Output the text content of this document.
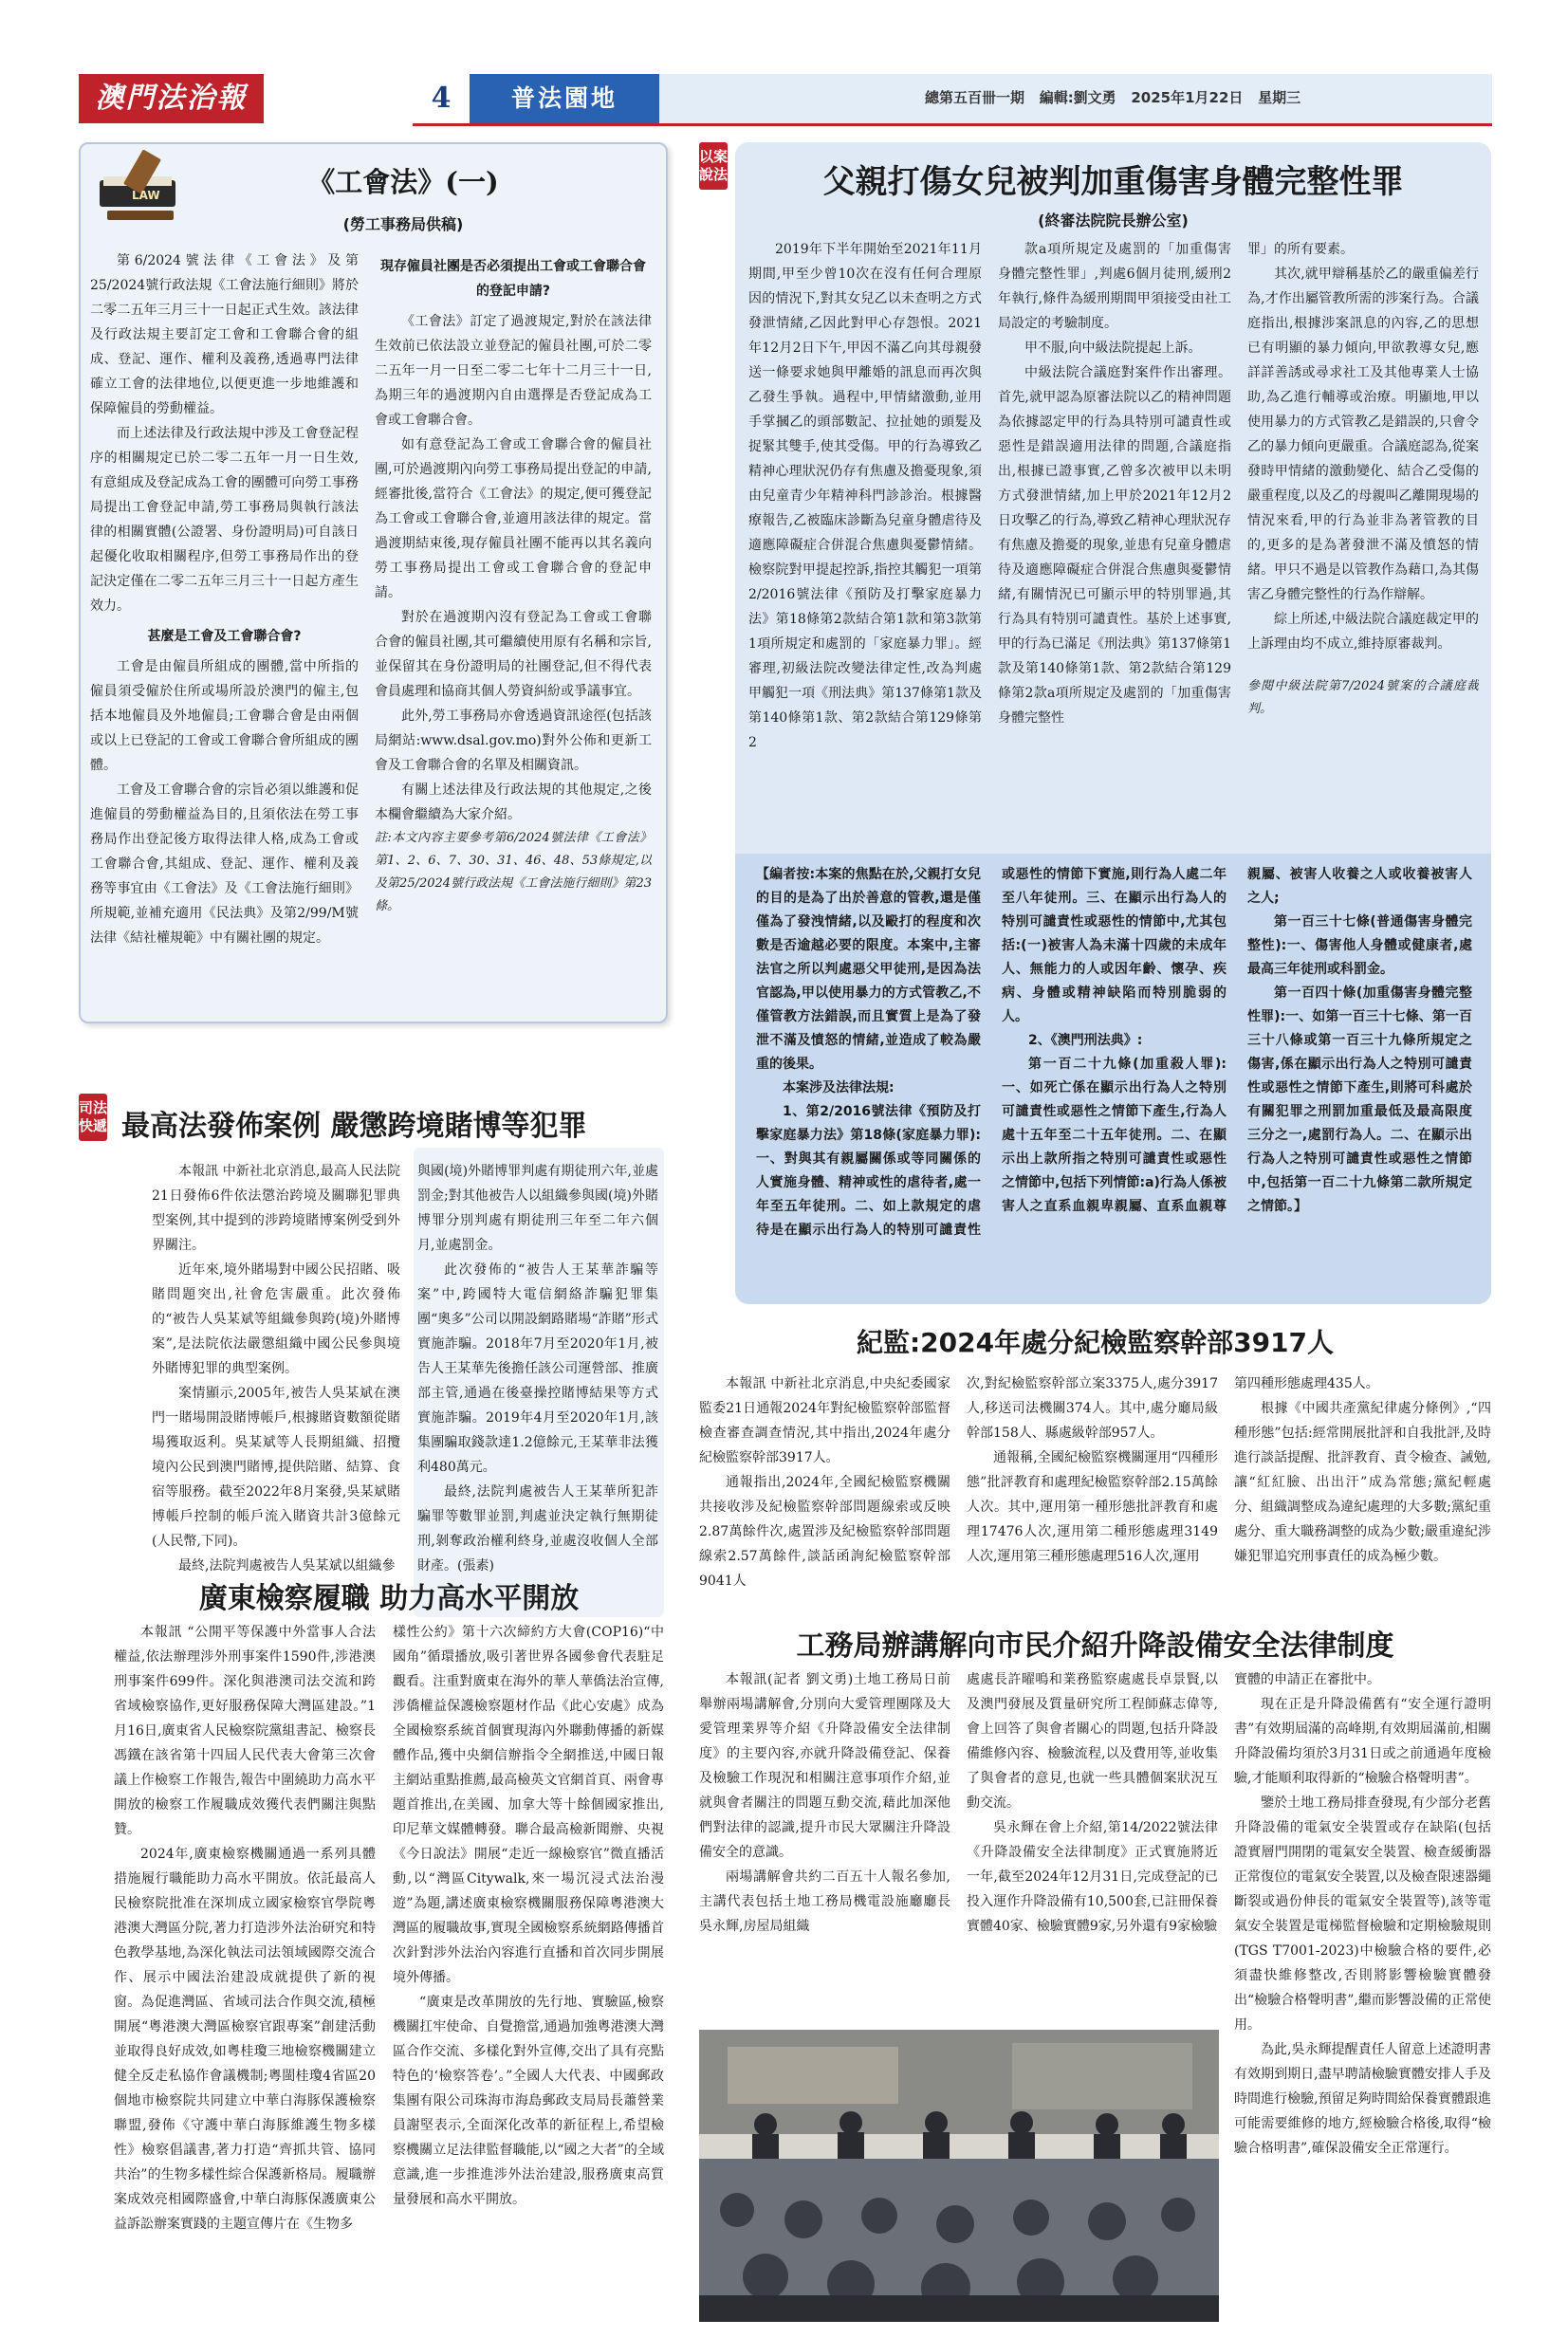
澳門法治報	4	普法園地	總第五百卌一期 編輯:劉文勇 2025年1月22日 星期三
LAW	《工會法》(一)
(勞工事務局供稿)

第6/2024號法律《工會法》及第25/2024號行政法規《工會法施行細則》將於二零二五年三月三十一日起正式生效。該法律及行政法規主要訂定工會和工會聯合會的組成、登記、運作、權利及義務,透過專門法律確立工會的法律地位,以便更進一步地維護和保障僱員的勞動權益。

而上述法律及行政法規中涉及工會登記程序的相關規定已於二零二五年一月一日生效,有意組成及登記成為工會的團體可向勞工事務局提出工會登記申請,勞工事務局與執行該法律的相關實體(公證署、身份證明局)可自該日起優化收取相關程序,但勞工事務局作出的登記決定僅在二零二五年三月三十一日起方產生效力。

甚麼是工會及工會聯合會?

工會是由僱員所組成的團體,當中所指的僱員須受僱於住所或場所設於澳門的僱主,包括本地僱員及外地僱員;工會聯合會是由兩個或以上已登記的工會或工會聯合會所組成的團體。

工會及工會聯合會的宗旨必須以維護和促進僱員的勞動權益為目的,且須依法在勞工事務局作出登記後方取得法律人格,成為工會或工會聯合會,其組成、登記、運作、權利及義務等事宜由《工會法》及《工會法施行細則》所規範,並補充適用《民法典》及第2/99/M號法律《結社權規範》中有關社團的規定。

現存僱員社團是否必須提出工會或工會聯合會的登記申請?

《工會法》訂定了過渡規定,對於在該法律生效前已依法設立並登記的僱員社團,可於二零二五年一月一日至二零二七年十二月三十一日,為期三年的過渡期內自由選擇是否登記成為工會或工會聯合會。

如有意登記為工會或工會聯合會的僱員社團,可於過渡期內向勞工事務局提出登記的申請,經審批後,當符合《工會法》的規定,便可獲登記為工會或工會聯合會,並適用該法律的規定。當過渡期結束後,現存僱員社團不能再以其名義向勞工事務局提出工會或工會聯合會的登記申請。

對於在過渡期內沒有登記為工會或工會聯合會的僱員社團,其可繼續使用原有名稱和宗旨,並保留其在身份證明局的社團登記,但不得代表會員處理和協商其個人勞資糾紛或爭議事宜。

此外,勞工事務局亦會透過資訊途徑(包括該局網站:www.dsal.gov.mo)對外公佈和更新工會及工會聯合會的名單及相關資訊。

有關上述法律及行政法規的其他規定,之後本欄會繼續為大家介紹。

註:本文內容主要參考第6/2024號法律《工會法》第1、2、6、7、30、31、46、48、53條規定,以及第25/2024號行政法規《工會法施行細則》第23條。

以案說法	父親打傷女兒被判加重傷害身體完整性罪
(終審法院院長辦公室)

2019年下半年開始至2021年11月期間,甲至少曾10次在沒有任何合理原因的情況下,對其女兒乙以未查明之方式發泄情緒,乙因此對甲心存怨恨。2021年12月2日下午,甲因不滿乙向其母親發送一條要求她與甲離婚的訊息而再次與乙發生爭執。過程中,甲情緒激動,並用手掌摑乙的頭部數記、拉扯她的頭髮及捉緊其雙手,使其受傷。甲的行為導致乙精神心理狀況仍存有焦慮及擔憂現象,須由兒童青少年精神科門診診治。根據醫療報告,乙被臨床診斷為兒童身體虐待及適應障礙症合併混合焦慮與憂鬱情緒。檢察院對甲提起控訴,指控其觸犯一項第2/2016號法律《預防及打擊家庭暴力法》第18條第2款結合第1款和第3款第1項所規定和處罰的「家庭暴力罪」。經審理,初級法院改變法律定性,改為判處甲觸犯一項《刑法典》第137條第1款及第140條第1款、第2款結合第129條第2

款a項所規定及處罰的「加重傷害身體完整性罪」,判處6個月徒刑,緩刑2年執行,條件為緩刑期間甲須接受由社工局設定的考驗制度。

甲不服,向中級法院提起上訴。

中級法院合議庭對案件作出審理。首先,就甲認為原審法院以乙的精神問題為依據認定甲的行為具特別可譴責性或惡性是錯誤適用法律的問題,合議庭指出,根據已證事實,乙曾多次被甲以未明方式發泄情緒,加上甲於2021年12月2日攻擊乙的行為,導致乙精神心理狀況存有焦慮及擔憂的現象,並患有兒童身體虐待及適應障礙症合併混合焦慮與憂鬱情緒,有關情況已可顯示甲的特別罪過,其行為具有特別可譴責性。基於上述事實,甲的行為已滿足《刑法典》第137條第1款及第140條第1款、第2款結合第129條第2款a項所規定及處罰的「加重傷害身體完整性

罪」的所有要素。

其次,就甲辯稱基於乙的嚴重偏差行為,才作出屬管教所需的涉案行為。合議庭指出,根據涉案訊息的內容,乙的思想已有明顯的暴力傾向,甲欲教導女兒,應詳詳善誘或尋求社工及其他專業人士協助,為乙進行輔導或治療。明顯地,甲以使用暴力的方式管教乙是錯誤的,只會令乙的暴力傾向更嚴重。合議庭認為,從案發時甲情緒的激動變化、結合乙受傷的嚴重程度,以及乙的母親叫乙離開現場的情況來看,甲的行為並非為著管教的目的,更多的是為著發泄不滿及憤怒的情緒。甲只不過是以管教作為藉口,為其傷害乙身體完整性的行為作辯解。

綜上所述,中級法院合議庭裁定甲的上訴理由均不成立,維持原審裁判。

參閱中級法院第7/2024號案的合議庭裁判。

【編者按:本案的焦點在於,父親打女兒的目的是為了出於善意的管教,還是僅僅為了發洩情緒,以及毆打的程度和次數是否逾越必要的限度。本案中,主審法官之所以判處惡父甲徒刑,是因為法官認為,甲以使用暴力的方式管教乙,不僅管教方法錯誤,而且實質上是為了發泄不滿及憤怒的情緒,並造成了較為嚴重的後果。

本案涉及法律法規:

1、第2/2016號法律《預防及打擊家庭暴力法》第18條(家庭暴力罪):一、對與其有親屬關係或等同關係的人實施身體、精神或性的虐待者,處一年至五年徒刑。二、如上款規定的虐待是在顯示出行為人的特別可譴責性或惡性的情節下實施,則行為人處二年至八年徒刑。三、在顯示出行為人的特別可譴責性或惡性的情節中,尤其包括:(一)被害人為未滿十四歲的未成年人、無能力的人或因年齡、懷孕、疾病、身體或精神缺陷而特別脆弱的人。

2、《澳門刑法典》:

第一百二十九條(加重殺人罪):一、如死亡係在顯示出行為人之特別可譴責性或惡性之情節下產生,行為人處十五年至二十五年徒刑。二、在顯示出上款所指之特別可譴責性或惡性之情節中,包括下列情節:a)行為人係被害人之直系血親卑親屬、直系血親尊親屬、被害人收養之人或收養被害人之人;

第一百三十七條(普通傷害身體完整性):一、傷害他人身體或健康者,處最高三年徒刑或科罰金。

第一百四十條(加重傷害身體完整性罪):一、如第一百三十七條、第一百三十八條或第一百三十九條所規定之傷害,係在顯示出行為人之特別可譴責性或惡性之情節下產生,則將可科處於有關犯罪之刑罰加重最低及最高限度三分之一,處罰行為人。二、在顯示出行為人之特別可譴責性或惡性之情節中,包括第一百二十九條第二款所規定之情節。】

司法快遞 最高法發佈案例 嚴懲跨境賭博等犯罪

本報訊 中新社北京消息,最高人民法院21日發佈6件依法懲治跨境及關聯犯罪典型案例,其中提到的涉跨境賭博案例受到外界關注。

近年來,境外賭場對中國公民招賭、吸賭問題突出,社會危害嚴重。此次發佈的“被告人吳某斌等組織參與跨(境)外賭博案”,是法院依法嚴懲組織中國公民參與境外賭博犯罪的典型案例。

案情顯示,2005年,被告人吳某斌在澳門一賭場開設賭博帳戶,根據賭資數額從賭場獲取返利。吳某斌等人長期組織、招攬境內公民到澳門賭博,提供陪賭、結算、食宿等服務。截至2022年8月案發,吳某斌賭博帳戶控制的帳戶流入賭資共計3億餘元(人民幣,下同)。

最終,法院判處被告人吳某斌以組織參

與國(境)外賭博罪判處有期徒刑六年,並處罰金;對其他被告人以組織參與國(境)外賭博罪分別判處有期徒刑三年至二年六個月,並處罰金。

此次發佈的“被告人王某華詐騙等案”中,跨國特大電信網絡詐騙犯罪集團“奧多”公司以開設網路賭場“詐賭”形式實施詐騙。2018年7月至2020年1月,被告人王某華先後擔任該公司運營部、推廣部主管,通過在後臺操控賭博結果等方式實施詐騙。2019年4月至2020年1月,該集團騙取錢款達1.2億餘元,王某華非法獲利480萬元。

最終,法院判處被告人王某華所犯詐騙罪等數罪並罰,判處並決定執行無期徒刑,剝奪政治權利終身,並處沒收個人全部財產。(張素)

紀監:2024年處分紀檢監察幹部3917人

本報訊 中新社北京消息,中央紀委國家監委21日通報2024年對紀檢監察幹部監督檢查審查調查情況,其中指出,2024年處分紀檢監察幹部3917人。

通報指出,2024年,全國紀檢監察機關共接收涉及紀檢監察幹部問題線索或反映2.87萬餘件次,處置涉及紀檢監察幹部問題線索2.57萬餘件,談話函詢紀檢監察幹部9041人

次,對紀檢監察幹部立案3375人,處分3917人,移送司法機關374人。其中,處分廳局級幹部158人、縣處級幹部957人。

通報稱,全國紀檢監察機關運用“四種形態”批評教育和處理紀檢監察幹部2.15萬餘人次。其中,運用第一種形態批評教育和處理17476人次,運用第二種形態處理3149人次,運用第三種形態處理516人次,運用

第四種形態處理435人。

根據《中國共產黨紀律處分條例》,“四種形態”包括:經常開展批評和自我批評,及時進行談話提醒、批評教育、責令檢查、誡勉,讓“紅紅臉、出出汗”成為常態;黨紀輕處分、組織調整成為違紀處理的大多數;黨紀重處分、重大職務調整的成為少數;嚴重違紀涉嫌犯罪追究刑事責任的成為極少數。

廣東檢察履職 助力高水平開放

本報訊 “公開平等保護中外當事人合法權益,依法辦理涉外刑事案件1590件,涉港澳刑事案件699件。深化與港澳司法交流和跨省域檢察協作,更好服務保障大灣區建設。”1月16日,廣東省人民檢察院黨組書記、檢察長馮鐵在該省第十四屆人民代表大會第三次會議上作檢察工作報告,報告中圍繞助力高水平開放的檢察工作履職成效獲代表們關注與點贊。

2024年,廣東檢察機關通過一系列具體措施履行職能助力高水平開放。依託最高人民檢察院批准在深圳成立國家檢察官學院粵港澳大灣區分院,著力打造涉外法治研究和特色教學基地,為深化執法司法領域國際交流合作、展示中國法治建設成就提供了新的視窗。為促進灣區、省域司法合作與交流,積極開展“粵港澳大灣區檢察官跟專案”創建活動並取得良好成效,如粵桂瓊三地檢察機關建立健全反走私協作會議機制;粵閩桂瓊4省區20個地市檢察院共同建立中華白海豚保護檢察聯盟,發佈《守護中華白海豚維護生物多樣性》檢察倡議書,著力打造“齊抓共管、協同共治”的生物多樣性綜合保護新格局。履職辦案成效亮相國際盛會,中華白海豚保護廣東公益訴訟辦案實踐的主題宣傳片在《生物多

樣性公約》第十六次締約方大會(COP16)“中國角”循環播放,吸引著世界各國參會代表駐足觀看。注重對廣東在海外的華人華僑法治宣傳,涉僑權益保護檢察題材作品《此心安處》成為全國檢察系統首個實現海內外聯動傳播的新媒體作品,獲中央網信辦指令全網推送,中國日報主網站重點推薦,最高檢英文官網首頁、兩會專題首推出,在美國、加拿大等十餘個國家推出,印尼華文媒體轉發。聯合最高檢新聞辦、央視《今日說法》開展“走近一線檢察官”微直播活動,以“灣區Citywalk,來一場沉浸式法治漫遊”為題,講述廣東檢察機關服務保障粵港澳大灣區的履職故事,實現全國檢察系統網路傳播首次針對涉外法治內容進行直播和首次同步開展境外傳播。

“廣東是改革開放的先行地、實驗區,檢察機關扛牢使命、自覺擔當,通過加強粵港澳大灣區合作交流、多樣化對外宣傳,交出了具有亮點特色的‘檢察答卷’。”全國人大代表、中國郵政集團有限公司珠海市海島郵政支局局長蕭營業員謝堅表示,全面深化改革的新征程上,希望檢察機關立足法律監督職能,以“國之大者”的全域意識,進一步推進涉外法治建設,服務廣東高質量發展和高水平開放。

工務局辦講解向市民介紹升降設備安全法律制度

本報訊(記者 劉文勇)土地工務局日前舉辦兩場講解會,分別向大愛管理團隊及大愛管理業界等介紹《升降設備安全法律制度》的主要內容,亦就升降設備登記、保養及檢驗工作現況和相關注意事項作介紹,並就與會者關注的問題互動交流,藉此加深他們對法律的認識,提升市民大眾關注升降設備安全的意識。

兩場講解會共約二百五十人報名參加,主講代表包括土地工務局機電設施廳廳長吳永輝,房屋局組織

處處長許曜鳴和業務監察處處長卓景賢,以及澳門發展及質量研究所工程師蘇志偉等,會上回答了與會者關心的問題,包括升降設備維修內容、檢驗流程,以及費用等,並收集了與會者的意見,也就一些具體個案狀況互動交流。

吳永輝在會上介紹,第14/2022號法律《升降設備安全法律制度》正式實施將近一年,截至2024年12月31日,完成登記的已投入運作升降設備有10,500套,已註冊保養實體40家、檢驗實體9家,另外還有9家檢驗

實體的申請正在審批中。

現在正是升降設備舊有“安全運行證明書”有效期屆滿的高峰期,有效期屆滿前,相關升降設備均須於3月31日或之前通過年度檢驗,才能順利取得新的“檢驗合格聲明書”。

鑒於土地工務局排查發現,有少部分老舊升降設備的電氣安全裝置或存在缺陷(包括證實層門開閉的電氣安全裝置、檢查緩衝器正常復位的電氣安全裝置,以及檢查限速器繩斷裂或過份伸長的電氣安全裝置等),該等電氣安全裝置是電梯監督檢驗和定期檢驗規則(TGS T7001-2023)中檢驗合格的要件,必須盡快維修整改,否則將影響檢驗實體發出“檢驗合格聲明書”,繼而影響設備的正常使用。

為此,吳永輝提醒責任人留意上述證明書有效期到期日,盡早聘請檢驗實體安排人手及時間進行檢驗,預留足夠時間給保養實體跟進可能需要維修的地方,經檢驗合格後,取得“檢驗合格明書”,確保設備安全正常運行。
